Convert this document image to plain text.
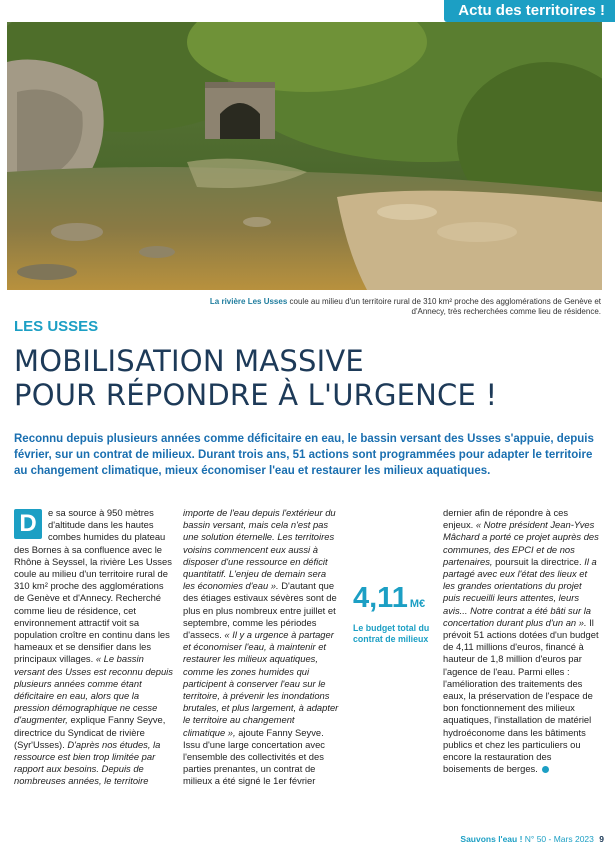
Actu des territoires !
La rivière Les Usses coule au milieu d'un territoire rural de 310 km² proche des agglomérations de Genève et d'Annecy, très recherchées comme lieu de résidence.
LES USSES
MOBILISATION MASSIVE
POUR RÉPONDRE À L'URGENCE !
Reconnu depuis plusieurs années comme déficitaire en eau, le bassin versant des Usses s'appuie, depuis février, sur un contrat de milieux. Durant trois ans, 51 actions sont programmées pour adapter le territoire au changement climatique, mieux économiser l'eau et restaurer les milieux aquatiques.

D	e sa source à 950 mètres d'altitude dans les hautes combes humides du plateau des Bornes à sa confluence avec le Rhône à Seyssel, la rivière Les Usses coule au milieu d'un territoire rural de 310 km² proche des agglomérations de Genève et d'Annecy. Recherché comme lieu de résidence, cet environnement attractif voit sa population croître en continu dans les hameaux et se densifier dans les principaux villages. « Le bassin versant des Usses est reconnu depuis plusieurs années comme étant déficitaire en eau, alors que la pression démographique ne cesse d'augmenter, explique Fanny Seyve, directrice du Syndicat de rivière (Syr'Usses). D'après nos études, la ressource est bien trop limitée par rapport aux besoins. Depuis de nombreuses années, le territoire

importe de l'eau depuis l'extérieur du bassin versant, mais cela n'est pas une solution éternelle. Les territoires voisins commencent eux aussi à disposer d'une ressource en déficit quantitatif. L'enjeu de demain sera les économies d'eau ». D'autant que des étiages estivaux sévères sont de plus en plus nombreux entre juillet et septembre, comme les périodes d'assecs. « Il y a urgence à partager et économiser l'eau, à maintenir et restaurer les milieux aquatiques, comme les zones humides qui participent à conserver l'eau sur le territoire, à prévenir les inondations brutales, et plus largement, à adapter le territoire au changement climatique », ajoute Fanny Seyve. Issu d'une large concertation avec l'ensemble des collectivités et des parties prenantes, un contrat de milieux a été signé le 1er février

4,11 M€
Le budget total du contrat de milieux

dernier afin de répondre à ces enjeux. « Notre président Jean-Yves Mâchard a porté ce projet auprès des communes, des EPCI et de nos partenaires, poursuit la directrice. Il a partagé avec eux l'état des lieux et les grandes orientations du projet puis recueilli leurs attentes, leurs avis... Notre contrat a été bâti sur la concertation durant plus d'un an ». Il prévoit 51 actions dotées d'un budget de 4,11 millions d'euros, financé à hauteur de 1,8 million d'euros par l'agence de l'eau. Parmi elles : l'amélioration des traitements des eaux, la préservation de l'espace de bon fonctionnement des milieux aquatiques, l'installation de matériel hydroéconome dans les bâtiments publics et chez les particuliers ou encore la restauration des boisements de berges.

Sauvons l'eau ! N° 50 - Mars 2023 9
